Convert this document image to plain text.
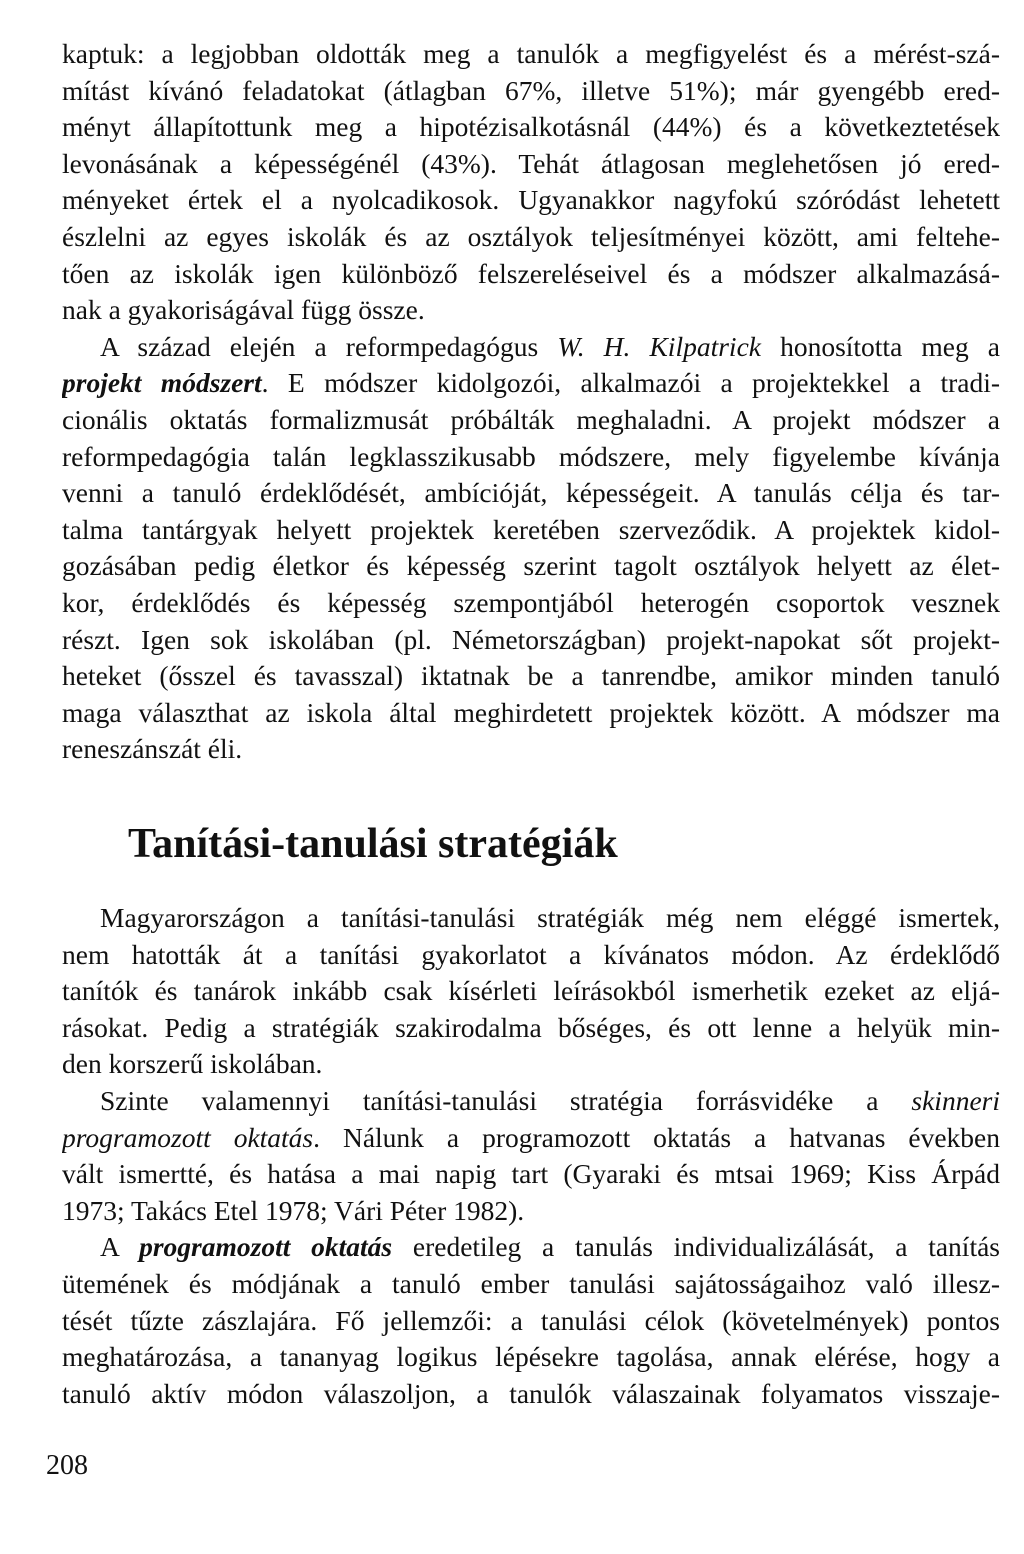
kaptuk: a legjobban oldották meg a tanulók a megfigyelést és a mérést-szá-
mítást kívánó feladatokat (átlagban 67%, illetve 51%); már gyengébb ered-
ményt állapítottunk meg a hipotézisalkotásnál (44%) és a következtetések
levonásának a képességénél (43%). Tehát átlagosan meglehetősen jó ered-
ményeket értek el a nyolcadikosok. Ugyanakkor nagyfokú szóródást lehetett
észlelni az egyes iskolák és az osztályok teljesítményei között, ami feltehe-
tően az iskolák igen különböző felszereléseivel és a módszer alkalmazásá-
nak a gyakoriságával függ össze.

A század elején a reformpedagógus W. H. Kilpatrick honosította meg a
projekt módszert. E módszer kidolgozói, alkalmazói a projektekkel a tradi-
cionális oktatás formalizmusát próbálták meghaladni. A projekt módszer a
reformpedagógia talán legklasszikusabb módszere, mely figyelembe kívánja
venni a tanuló érdeklődését, ambícióját, képességeit. A tanulás célja és tar-
talma tantárgyak helyett projektek keretében szerveződik. A projektek kidol-
gozásában pedig életkor és képesség szerint tagolt osztályok helyett az élet-
kor, érdeklődés és képesség szempontjából heterogén csoportok vesznek
részt. Igen sok iskolában (pl. Németországban) projekt-napokat sőt projekt-
heteket (ősszel és tavasszal) iktatnak be a tanrendbe, amikor minden tanuló
maga választhat az iskola által meghirdetett projektek között. A módszer ma
reneszánszát éli.

Tanítási-tanulási stratégiák

Magyarországon a tanítási-tanulási stratégiák még nem eléggé ismertek,
nem hatották át a tanítási gyakorlatot a kívánatos módon. Az érdeklődő
tanítók és tanárok inkább csak kísérleti leírásokból ismerhetik ezeket az eljá-
rásokat. Pedig a stratégiák szakirodalma bőséges, és ott lenne a helyük min-
den korszerű iskolában.

Szinte valamennyi tanítási-tanulási stratégia forrásvidéke a skinneri
programozott oktatás. Nálunk a programozott oktatás a hatvanas években
vált ismertté, és hatása a mai napig tart (Gyaraki és mtsai 1969; Kiss Árpád
1973; Takács Etel 1978; Vári Péter 1982).

A programozott oktatás eredetileg a tanulás individualizálását, a tanítás
ütemének és módjának a tanuló ember tanulási sajátosságaihoz való illesz-
tését tűzte zászlajára. Fő jellemzői: a tanulási célok (követelmények) pontos
meghatározása, a tananyag logikus lépésekre tagolása, annak elérése, hogy a
tanuló aktív módon válaszoljon, a tanulók válaszainak folyamatos visszaje-

208
